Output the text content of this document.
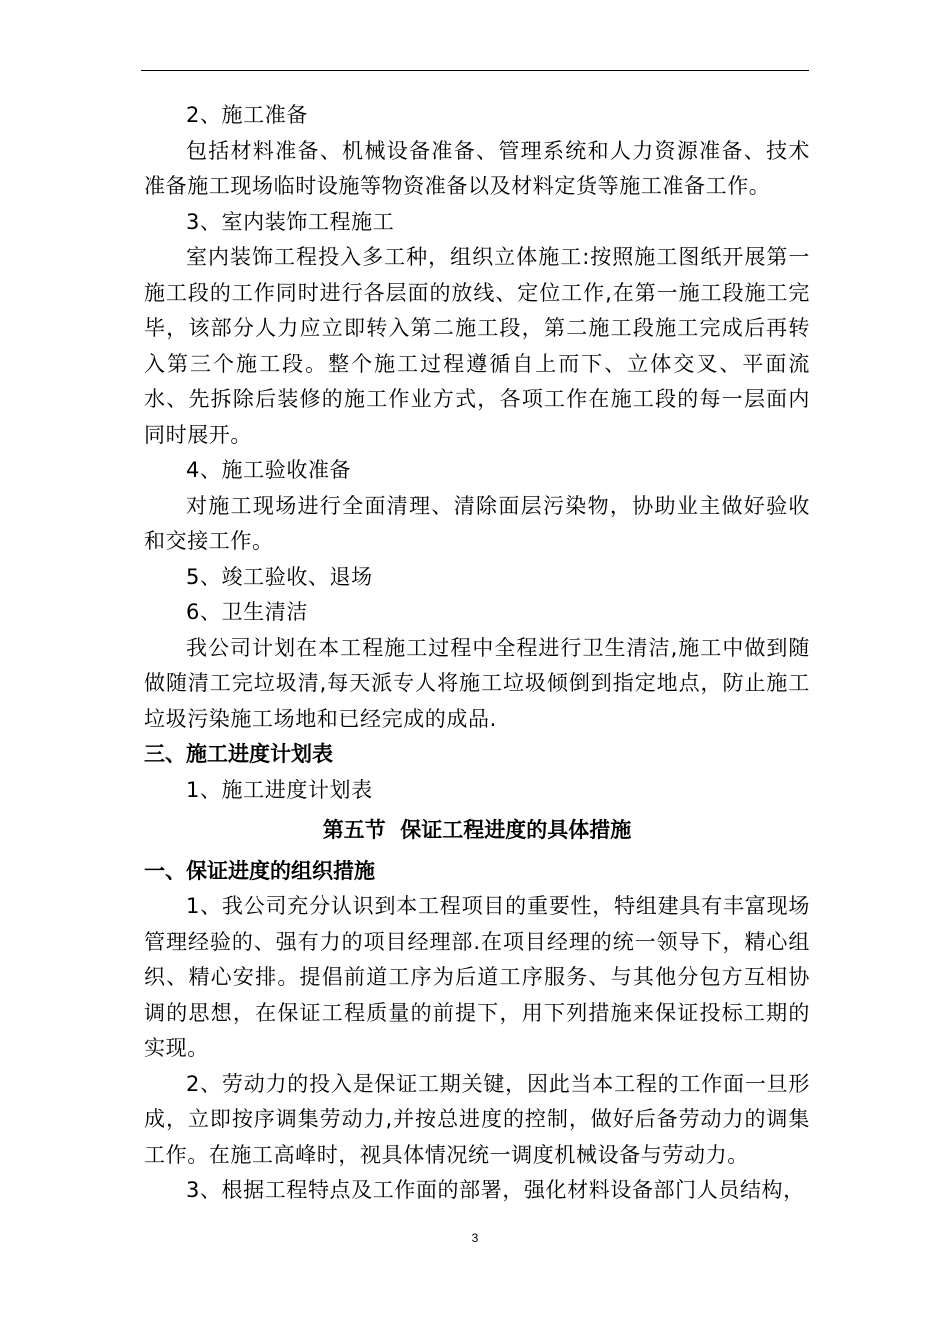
2、施工准备

包括材料准备、机械设备准备、管理系统和人力资源准备、技术准备施工现场临时设施等物资准备以及材料定货等施工准备工作。

3、室内装饰工程施工

室内装饰工程投入多工种，组织立体施工:按照施工图纸开展第一施工段的工作同时进行各层面的放线、定位工作,在第一施工段施工完毕，该部分人力应立即转入第二施工段，第二施工段施工完成后再转入第三个施工段。整个施工过程遵循自上而下、立体交叉、平面流水、先拆除后装修的施工作业方式，各项工作在施工段的每一层面内同时展开。

4、施工验收准备

对施工现场进行全面清理、清除面层污染物，协助业主做好验收和交接工作。

5、竣工验收、退场

6、卫生清洁

我公司计划在本工程施工过程中全程进行卫生清洁,施工中做到随做随清工完垃圾清,每天派专人将施工垃圾倾倒到指定地点，防止施工垃圾污染施工场地和已经完成的成品.

三、施工进度计划表

1、施工进度计划表

第五节  保证工程进度的具体措施

一、保证进度的组织措施

1、我公司充分认识到本工程项目的重要性，特组建具有丰富现场管理经验的、强有力的项目经理部.在项目经理的统一领导下，精心组织、精心安排。提倡前道工序为后道工序服务、与其他分包方互相协调的思想，在保证工程质量的前提下，用下列措施来保证投标工期的实现。

2、劳动力的投入是保证工期关键，因此当本工程的工作面一旦形成，立即按序调集劳动力,并按总进度的控制，做好后备劳动力的调集工作。在施工高峰时，视具体情况统一调度机械设备与劳动力。

3、根据工程特点及工作面的部署，强化材料设备部门人员结构，

3
